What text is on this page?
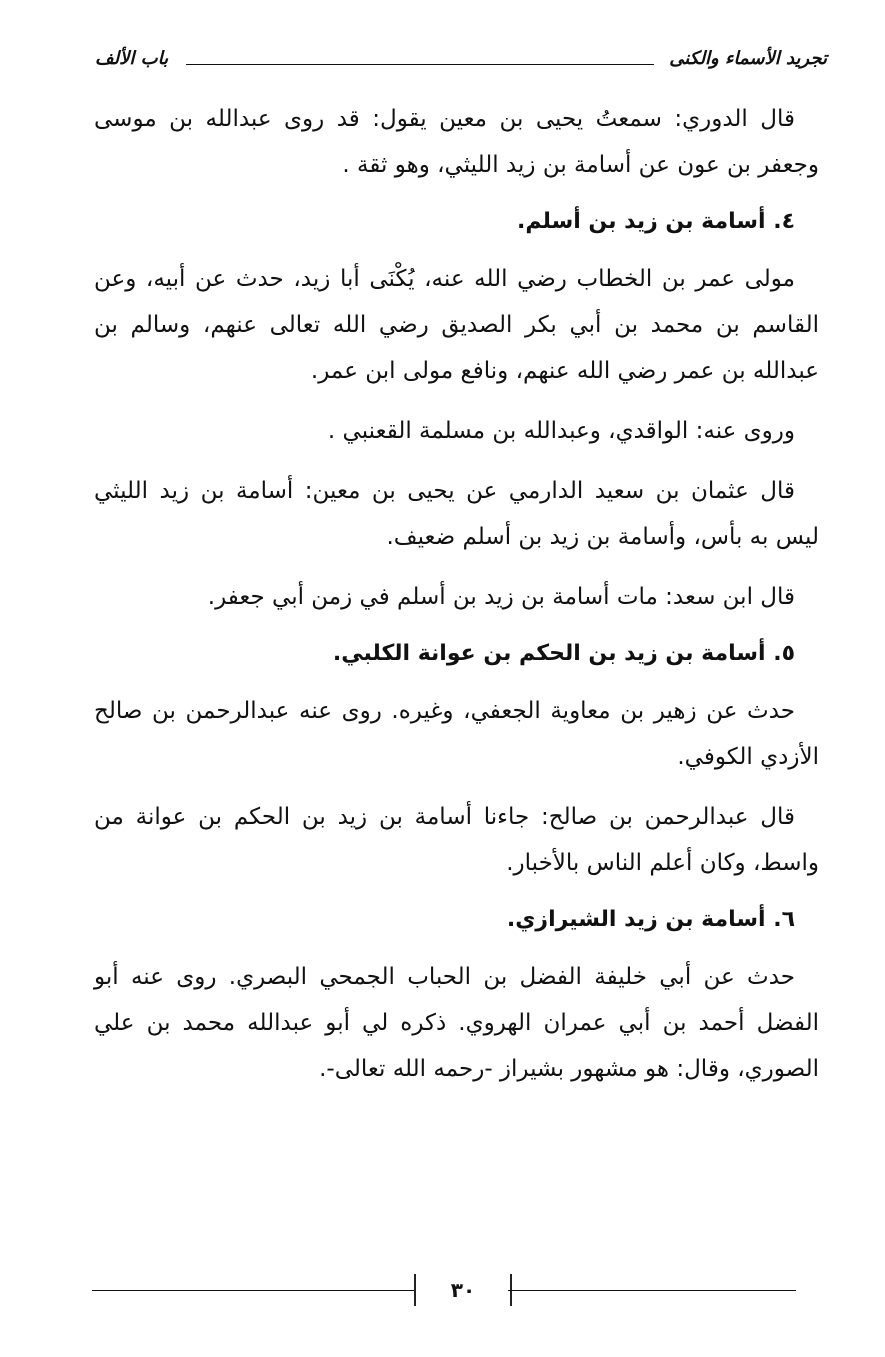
تجريد الأسماء والكنى
باب الألف

قال الدوري: سمعتُ يحيى بن معين يقول: قد روى عبدالله بن موسى وجعفر بن عون عن أسامة بن زيد الليثي، وهو ثقة .

٤. أسامة بن زيد بن أسلم.

مولى عمر بن الخطاب رضي الله عنه، يُكْنَى أبا زيد، حدث عن أبيه، وعن القاسم بن محمد بن أبي بكر الصديق رضي الله تعالى عنهم، وسالم بن عبدالله بن عمر رضي الله عنهم، ونافع مولى ابن عمر.

وروى عنه: الواقدي، وعبدالله بن مسلمة القعنبي .

قال عثمان بن سعيد الدارمي عن يحيى بن معين: أسامة بن زيد الليثي ليس به بأس، وأسامة بن زيد بن أسلم ضعيف.

قال ابن سعد: مات أسامة بن زيد بن أسلم في زمن أبي جعفر.

٥. أسامة بن زيد بن الحكم بن عوانة الكلبي.

حدث عن زهير بن معاوية الجعفي، وغيره. روى عنه عبدالرحمن بن صالح الأزدي الكوفي.

قال عبدالرحمن بن صالح: جاءنا أسامة بن زيد بن الحكم بن عوانة من واسط، وكان أعلم الناس بالأخبار.

٦. أسامة بن زيد الشيرازي.

حدث عن أبي خليفة الفضل بن الحباب الجمحي البصري. روى عنه أبو الفضل أحمد بن أبي عمران الهروي. ذكره لي أبو عبدالله محمد بن علي الصوري، وقال: هو مشهور بشيراز -رحمه الله تعالى-.

٣٠
